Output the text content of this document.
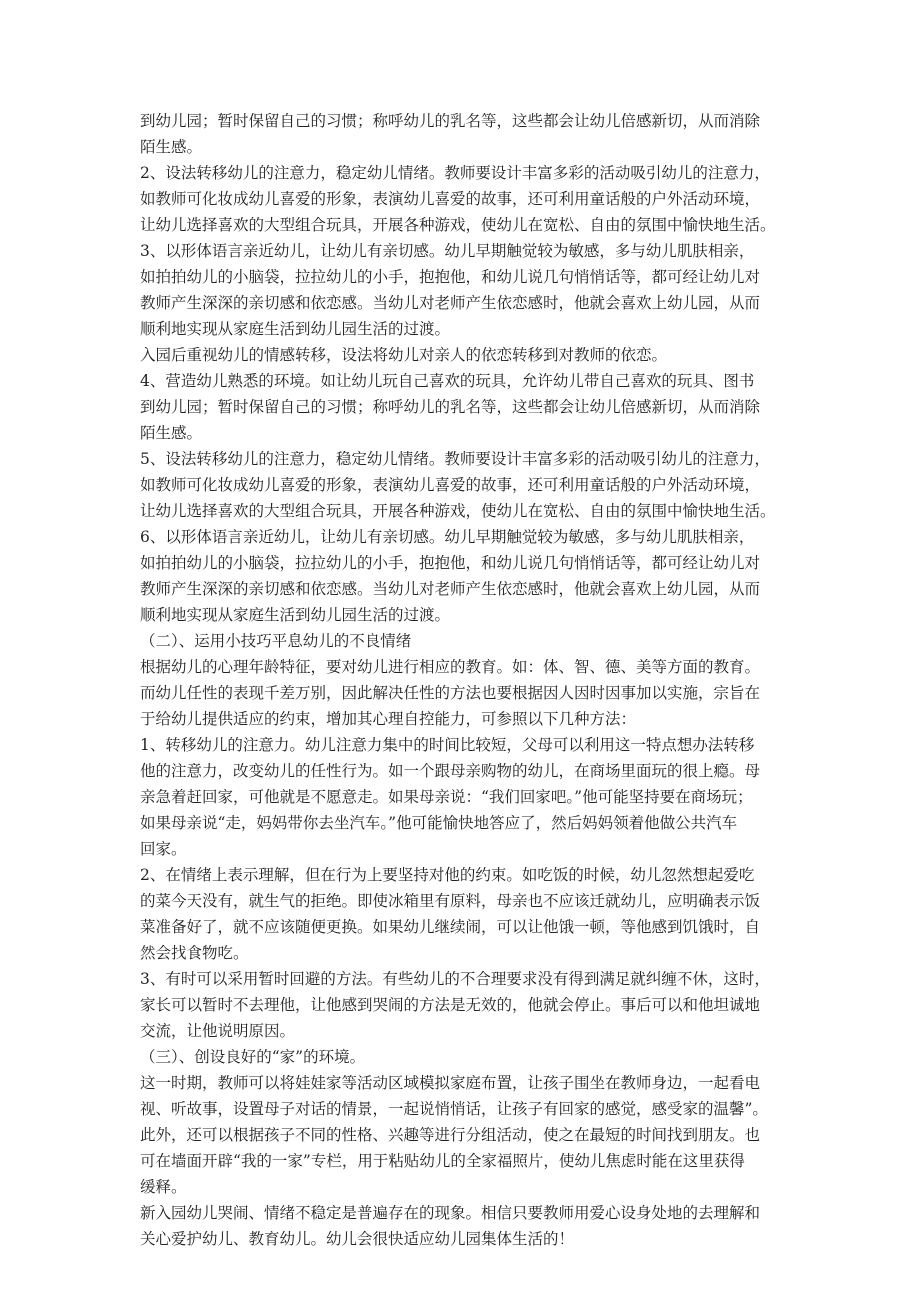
到幼儿园；暂时保留自己的习惯；称呼幼儿的乳名等，这些都会让幼儿倍感新切，从而消除

陌生感。

2、设法转移幼儿的注意力，稳定幼儿情绪。教师要设计丰富多彩的活动吸引幼儿的注意力，

如教师可化妆成幼儿喜爱的形象，表演幼儿喜爱的故事，还可利用童话般的户外活动环境，

让幼儿选择喜欢的大型组合玩具，开展各种游戏，使幼儿在宽松、自由的氛围中愉快地生活。

3、以形体语言亲近幼儿，让幼儿有亲切感。幼儿早期触觉较为敏感，多与幼儿肌肤相亲，

如拍拍幼儿的小脑袋，拉拉幼儿的小手，抱抱他，和幼儿说几句悄悄话等，都可经让幼儿对

教师产生深深的亲切感和依恋感。当幼儿对老师产生依恋感时，他就会喜欢上幼儿园，从而

顺利地实现从家庭生活到幼儿园生活的过渡。

入园后重视幼儿的情感转移，设法将幼儿对亲人的依恋转移到对教师的依恋。

4、营造幼儿熟悉的环境。如让幼儿玩自己喜欢的玩具，允许幼儿带自己喜欢的玩具、图书

到幼儿园；暂时保留自己的习惯；称呼幼儿的乳名等，这些都会让幼儿倍感新切，从而消除

陌生感。

5、设法转移幼儿的注意力，稳定幼儿情绪。教师要设计丰富多彩的活动吸引幼儿的注意力，

如教师可化妆成幼儿喜爱的形象，表演幼儿喜爱的故事，还可利用童话般的户外活动环境，

让幼儿选择喜欢的大型组合玩具，开展各种游戏，使幼儿在宽松、自由的氛围中愉快地生活。

6、以形体语言亲近幼儿，让幼儿有亲切感。幼儿早期触觉较为敏感，多与幼儿肌肤相亲，

如拍拍幼儿的小脑袋，拉拉幼儿的小手，抱抱他，和幼儿说几句悄悄话等，都可经让幼儿对

教师产生深深的亲切感和依恋感。当幼儿对老师产生依恋感时，他就会喜欢上幼儿园，从而

顺利地实现从家庭生活到幼儿园生活的过渡。

（二）、运用小技巧平息幼儿的不良情绪

根据幼儿的心理年龄特征，要对幼儿进行相应的教育。如：体、智、德、美等方面的教育。

而幼儿任性的表现千差万别，因此解决任性的方法也要根据因人因时因事加以实施，宗旨在

于给幼儿提供适应的约束，增加其心理自控能力，可参照以下几种方法：

1、转移幼儿的注意力。幼儿注意力集中的时间比较短，父母可以利用这一特点想办法转移

他的注意力，改变幼儿的任性行为。如一个跟母亲购物的幼儿，在商场里面玩的很上瘾。母

亲急着赶回家，可他就是不愿意走。如果母亲说：“我们回家吧。”他可能坚持要在商场玩；

如果母亲说“走，妈妈带你去坐汽车。”他可能愉快地答应了，然后妈妈领着他做公共汽车

回家。

2、在情绪上表示理解，但在行为上要坚持对他的约束。如吃饭的时候，幼儿忽然想起爱吃

的菜今天没有，就生气的拒绝。即使冰箱里有原料，母亲也不应该迁就幼儿，应明确表示饭

菜准备好了，就不应该随便更换。如果幼儿继续闹，可以让他饿一顿，等他感到饥饿时，自

然会找食物吃。

3、有时可以采用暂时回避的方法。有些幼儿的不合理要求没有得到满足就纠缠不休，这时，

家长可以暂时不去理他，让他感到哭闹的方法是无效的，他就会停止。事后可以和他坦诚地

交流，让他说明原因。

（三）、创设良好的“家”的环境。

这一时期，教师可以将娃娃家等活动区域模拟家庭布置，让孩子围坐在教师身边，一起看电

视、听故事，设置母子对话的情景，一起说悄悄话，让孩子有回家的感觉，感受家的温馨”。

此外，还可以根据孩子不同的性格、兴趣等进行分组活动，使之在最短的时间找到朋友。也

可在墙面开辟“我的一家”专栏，用于粘贴幼儿的全家福照片，使幼儿焦虑时能在这里获得

缓释。

新入园幼儿哭闹、情绪不稳定是普遍存在的现象。相信只要教师用爱心设身处地的去理解和

关心爱护幼儿、教育幼儿。幼儿会很快适应幼儿园集体生活的！
